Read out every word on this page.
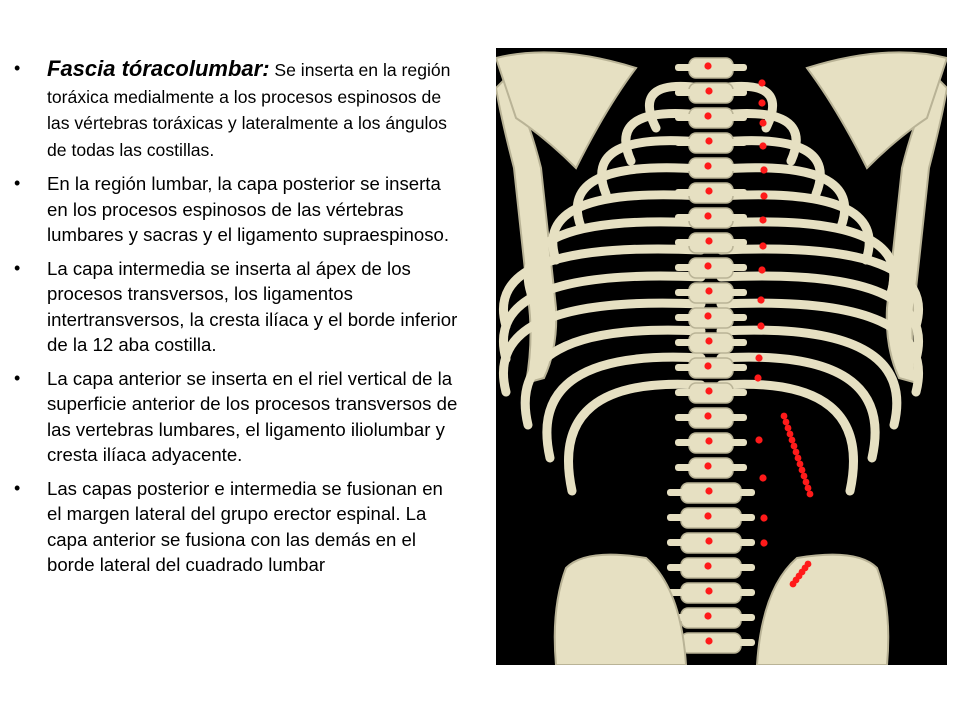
• Fascia tóracolumbar: Se inserta en la región toráxica medialmente a los procesos espinosos de las vértebras toráxicas y lateralmente a los ángulos de todas las costillas.
• En la región lumbar, la capa posterior se inserta en los procesos espinosos de las vértebras lumbares y sacras y el ligamento supraespinoso.
• La capa intermedia se inserta al ápex de los procesos transversos, los ligamentos intertransversos, la cresta ilíaca y el borde inferior de la 12 aba costilla.
• La capa anterior se inserta en el riel vertical de la superficie anterior de los procesos transversos de las vertebras lumbares, el ligamento iliolumbar y cresta ilíaca adyacente.
• Las capas posterior e intermedia se fusionan en el margen lateral del grupo erector espinal. La capa anterior se fusiona con las demás en el borde lateral del cuadrado lumbar
